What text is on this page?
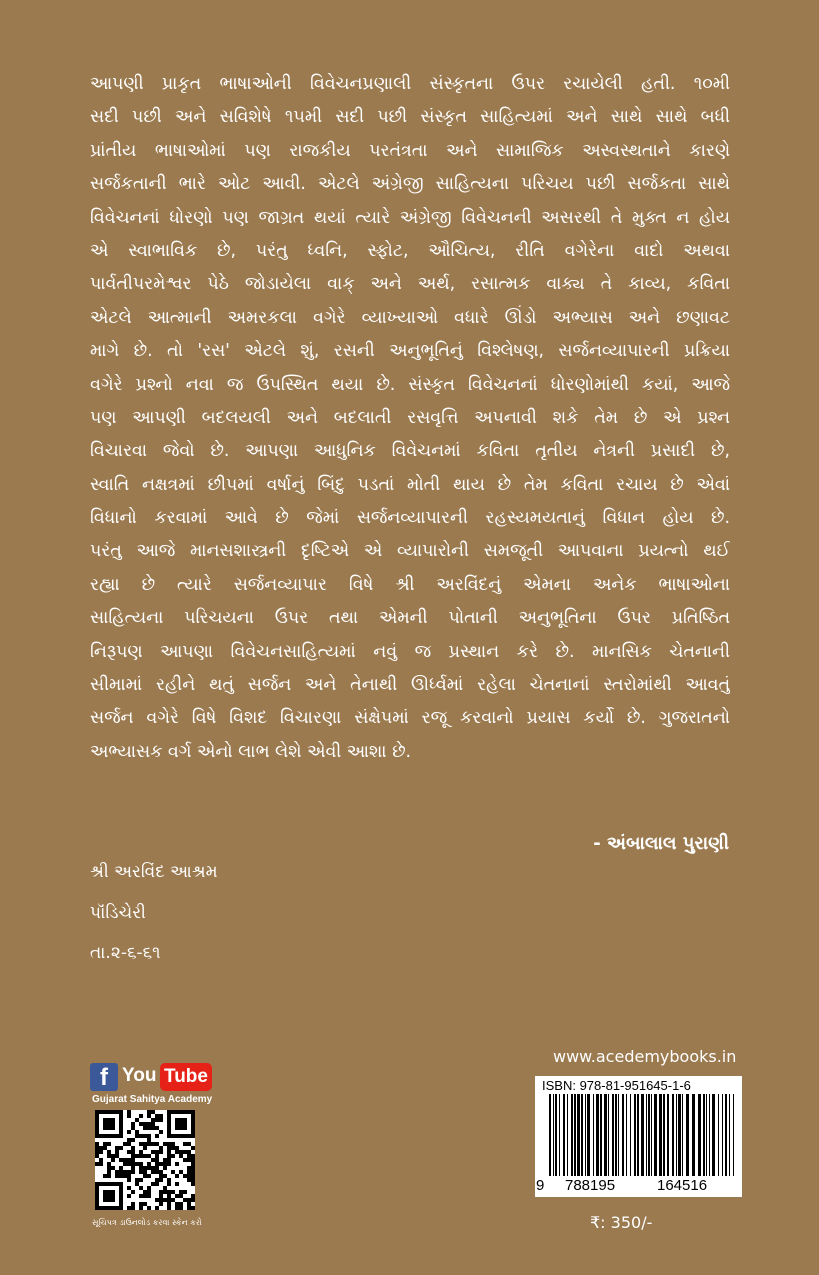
આપણી પ્રાકૃત ભાષાઓની વિવેચનપ્રણાલી સંસ્કૃતના ઉપર રચાયેલી હતી. ૧૦મી
સદી પછી અને સવિશેષે ૧૫મી સદી પછી સંસ્કૃત સાહિત્યમાં અને સાથે સાથે બધી
પ્રાંતીય ભાષાઓમાં પણ રાજકીય પરતંત્રતા અને સામાજિક અસ્વસ્થતાને કારણે
સર્જકતાની ભારે ઓટ આવી. એટલે અંગ્રેજી સાહિત્યના પરિચય પછી સર્જકતા સાથે
વિવેચનનાં ધોરણો પણ જાગ્રત થયાં ત્યારે અંગ્રેજી વિવેચનની અસરથી તે મુક્ત ન હોય
એ સ્વાભાવિક છે, પરંતુ ધ્વનિ, સ્ફોટ, ઔચિત્ય, રીતિ વગેરેના વાદો અથવા
પાર્વતીપરમેશ્વર પેઠે જોડાયેલા વાક્ અને અર્થ, રસાત્મક વાક્ય તે કાવ્ય, કવિતા
એટલે આત્માની અમરકલા વગેરે વ્યાખ્યાઓ વધારે ઊંડો અભ્યાસ અને છણાવટ
માગે છે. તો 'રસ' એટલે શું, રસની અનુભૂતિનું વિશ્લેષણ, સર્જનવ્યાપારની પ્રક્રિયા
વગેરે પ્રશ્નો નવા જ ઉપસ્થિત થયા છે. સંસ્કૃત વિવેચનનાં ધોરણોમાંથી કયાં, આજે
પણ આપણી બદલયલી અને બદલાતી રસવૃત્તિ અપનાવી શકે તેમ છે એ પ્રશ્ન
વિચારવા જેવો છે. આપણા આધુનિક વિવેચનમાં કવિતા તૃતીય નેત્રની પ્રસાદી છે,
સ્વાતિ નક્ષત્રમાં છીપમાં વર્ષાનું બિંદુ પડતાં મોતી થાય છે તેમ કવિતા રચાય છે એવાં
વિધાનો કરવામાં આવે છે જેમાં સર્જનવ્યાપારની રહસ્યમયતાનું વિધાન હોય છે.
પરંતુ આજે માનસશાસ્ત્રની દૃષ્ટિએ એ વ્યાપારોની સમજૂતી આપવાના પ્રયત્નો થઈ
રહ્યા છે ત્યારે સર્જનવ્યાપાર વિષે શ્રી અરવિંદનું એમના અનેક ભાષાઓના
સાહિત્યના પરિચયના ઉપર તથા એમની પોતાની અનુભૂતિના ઉપર પ્રતિષ્ઠિત
નિરૂપણ આપણા વિવેચનસાહિત્યમાં નવું જ પ્રસ્થાન કરે છે. માનસિક ચેતનાની
સીમામાં રહીને થતું સર્જન અને તેનાથી ઊર્ધ્વમાં રહેલા ચેતનાનાં સ્તરોમાંથી આવતું
સર્જન વગેરે વિષે વિશદ વિચારણા સંક્ષેપમાં રજૂ કરવાનો પ્રયાસ કર્યો છે. ગુજરાતનો
અભ્યાસક વર્ગ એનો લાભ લેશે એવી આશા છે.
- અંબાલાલ પુરાણી
શ્રી અરવિંદ આશ્રમ
પૉંડિચેરી
તા.૨-૬-૬૧
f You Tube
Gujarat Sahitya Academy
સૂચિપત્ર ડાઉનલોડ કરવા સ્કેન કરો
www.acedemybooks.in
ISBN: 978-81-951645-1-6
9 788195	164516
₹: 350/-
